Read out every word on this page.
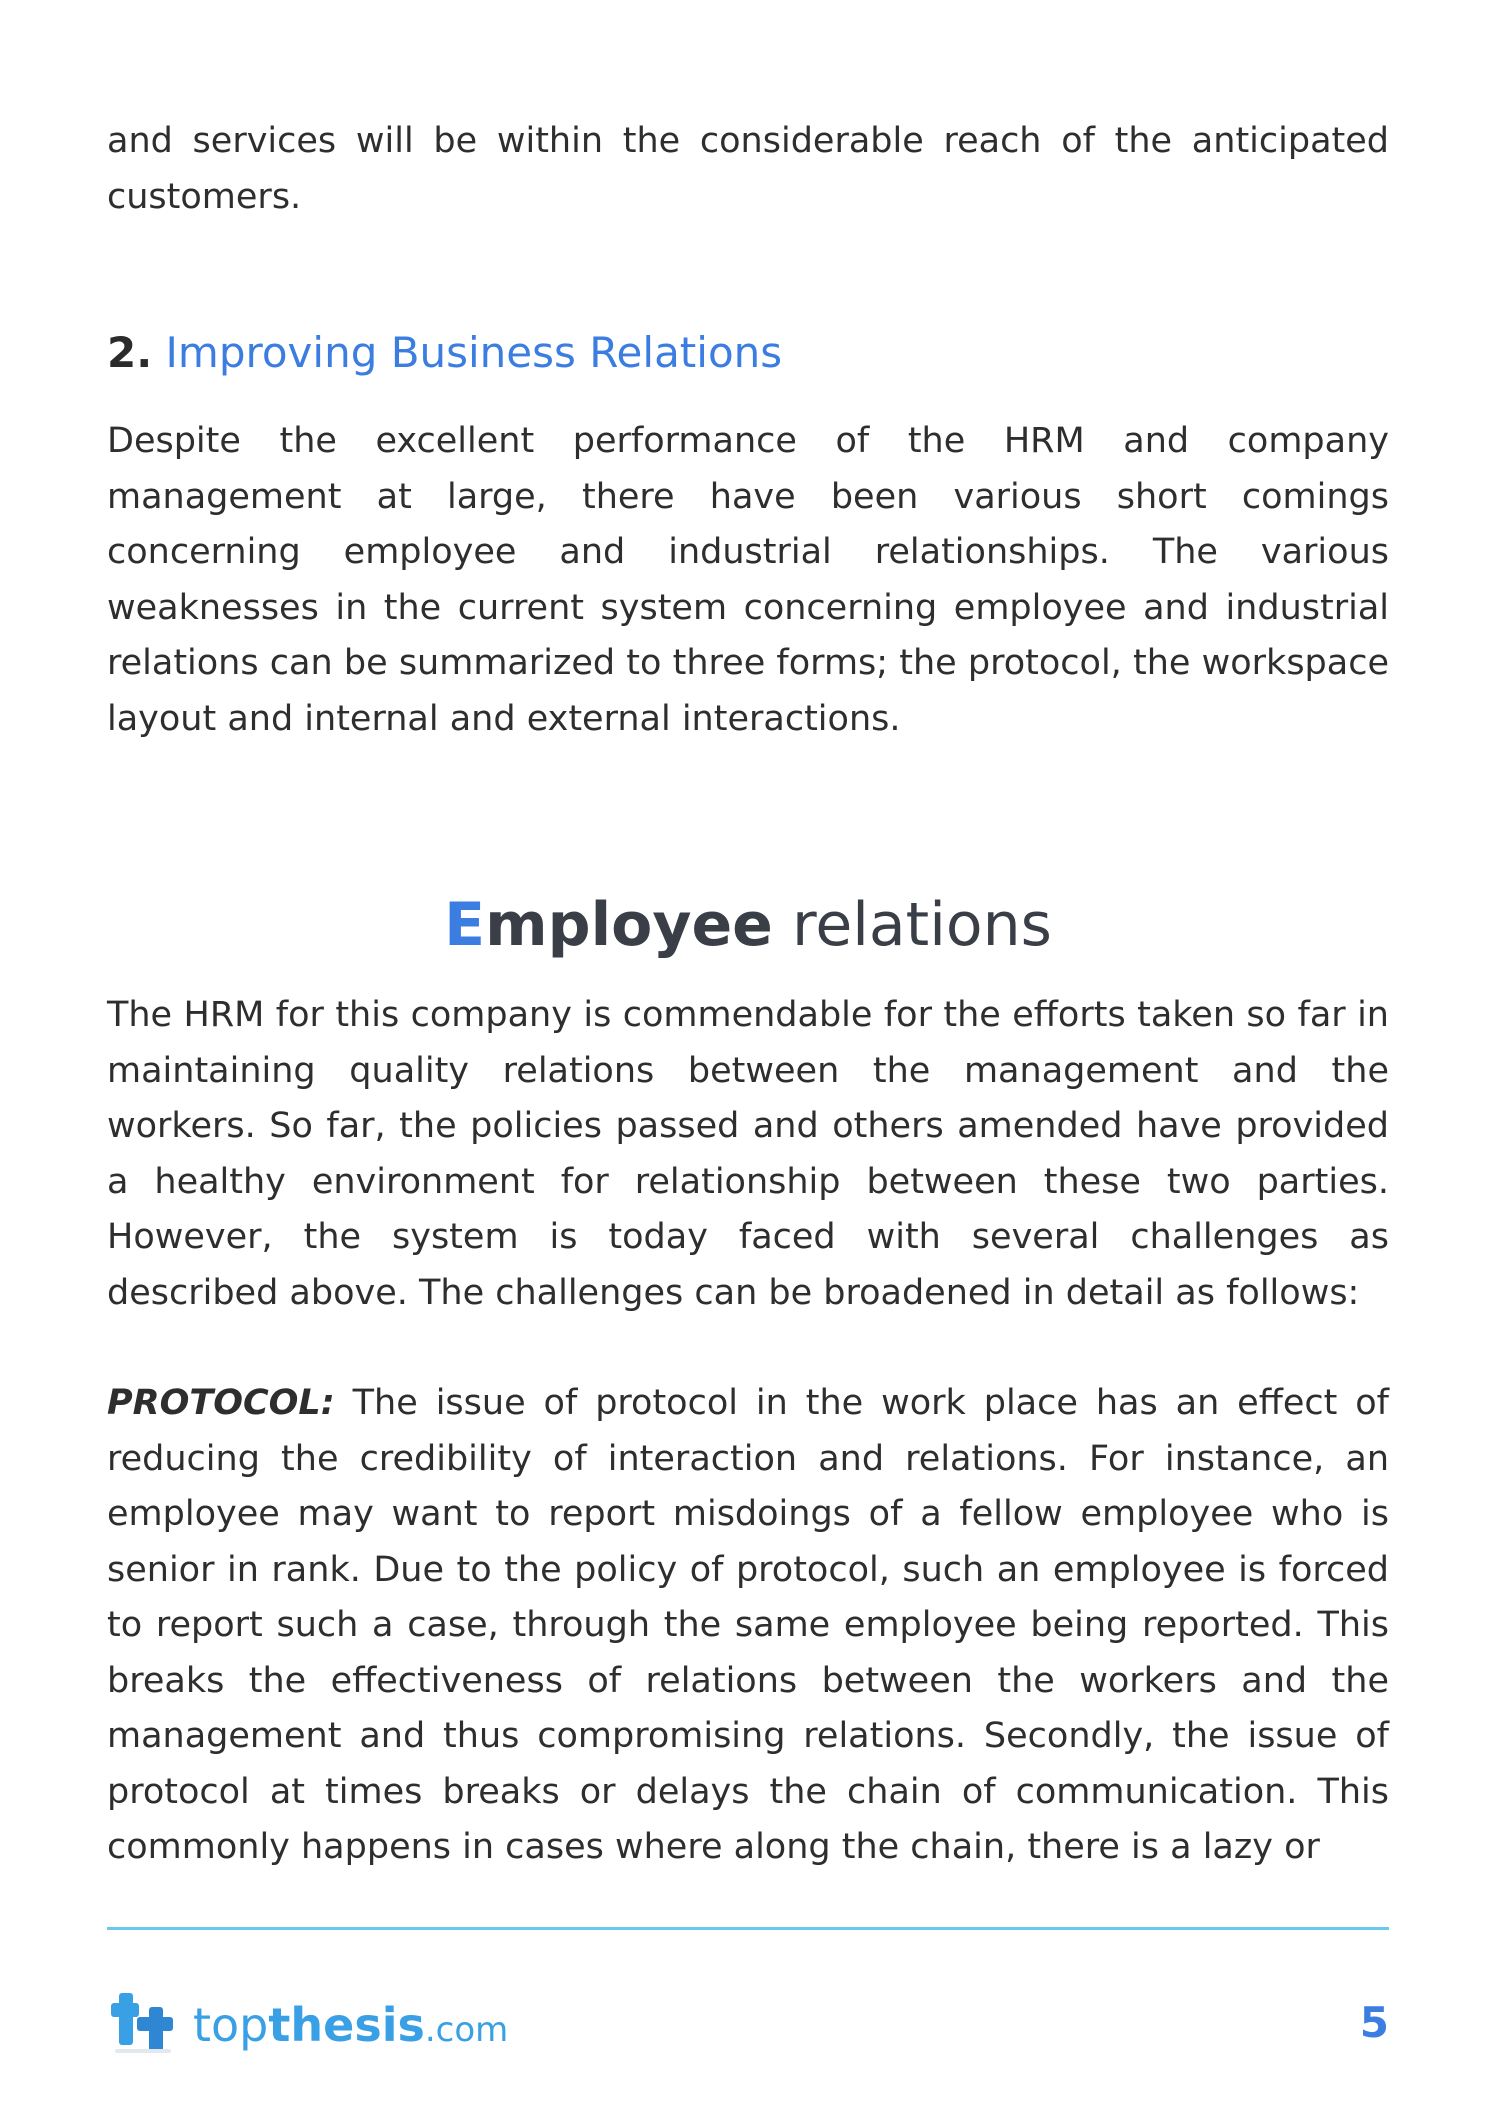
and services will be within the considerable reach of the anticipated customers.

2. Improving Business Relations

Despite the excellent performance of the HRM and company management at large, there have been various short comings concerning employee and industrial relationships. The various weaknesses in the current system concerning employee and industrial relations can be summarized to three forms; the protocol, the workspace layout and internal and external interactions.

Employee relations

The HRM for this company is commendable for the efforts taken so far in maintaining quality relations between the management and the workers. So far, the policies passed and others amended have provided a healthy environment for relationship between these two parties. However, the system is today faced with several challenges as described above. The challenges can be broadened in detail as follows:

PROTOCOL: The issue of protocol in the work place has an effect of reducing the credibility of interaction and relations. For instance, an employee may want to report misdoings of a fellow employee who is senior in rank. Due to the policy of protocol, such an employee is forced to report such a case, through the same employee being reported. This breaks the effectiveness of relations between the workers and the management and thus compromising relations. Secondly, the issue of protocol at times breaks or delays the chain of communication. This commonly happens in cases where along the chain, there is a lazy or

topthesis.com	5
